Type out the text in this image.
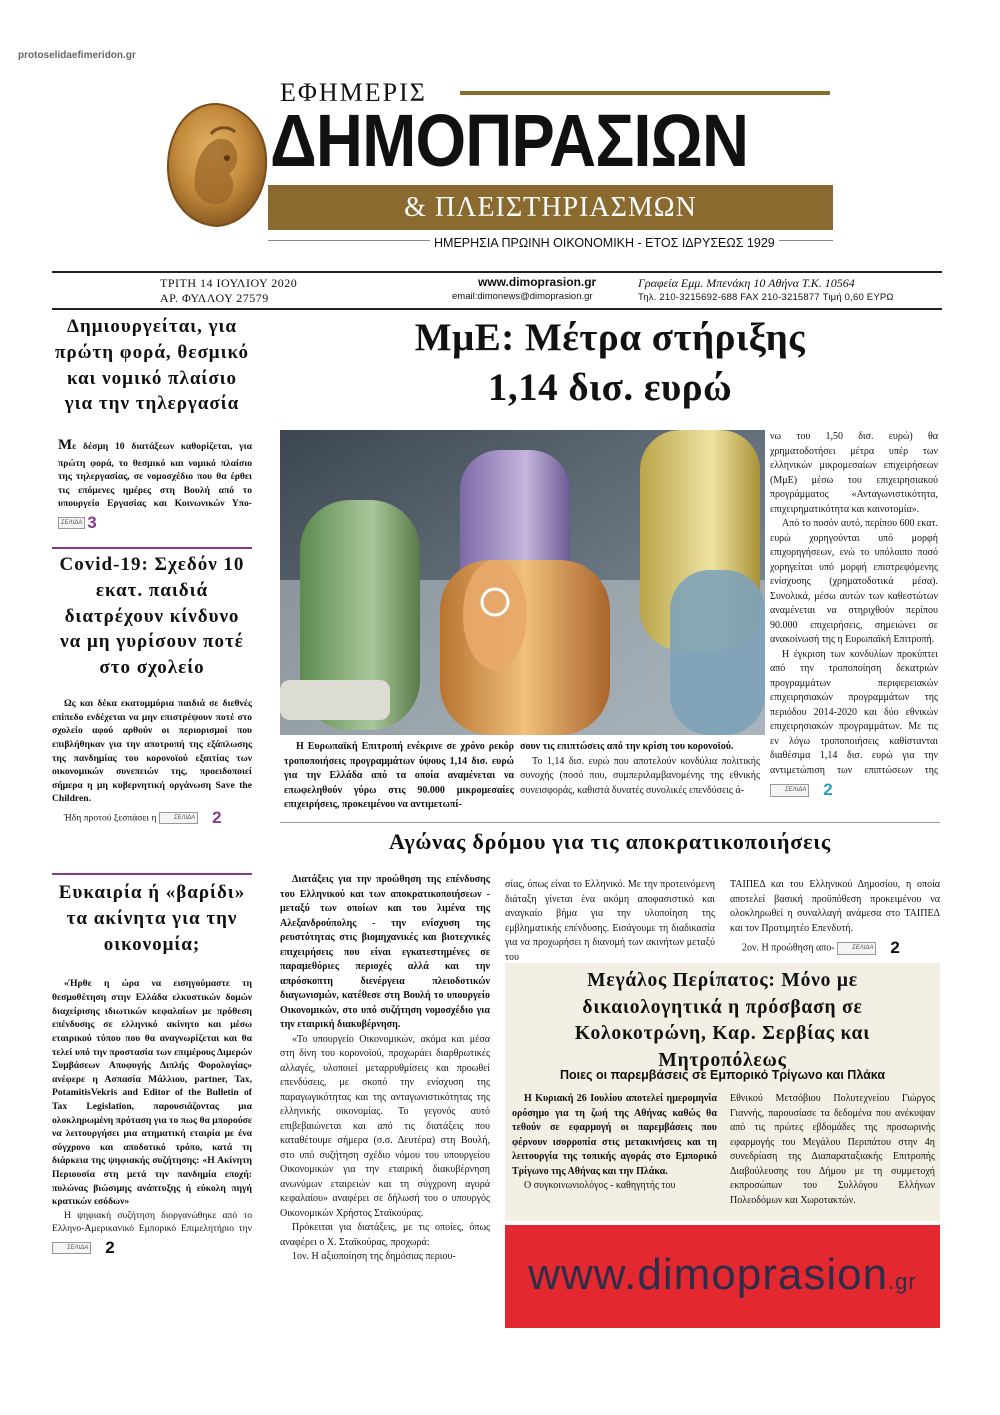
protoselidaefimeridon.gr
ΕΦΗΜΕΡΙΣ
ΔΗΜΟΠΡΑΣΙΩΝ
& ΠΛΕΙΣΤΗΡΙΑΣΜΩΝ
ΗΜΕΡΗΣΙΑ ΠΡΩΙΝΗ ΟΙΚΟΝΟΜΙΚΗ - ΕΤΟΣ ΙΔΡΥΣΕΩΣ 1929
ΤΡΙΤΗ 14 ΙΟΥΛΙΟΥ 2020
ΑΡ. ΦΥΛΛΟΥ 27579
www.dimoprasion.gr
email:dimonews@dimoprasion.gr
Γραφεία Εμμ. Μπενάκη 10 Αθήνα Τ.Κ. 10564
Τηλ. 210-3215692-688 FAX 210-3215877 Τιμή 0,60 ΕΥΡΩ
Δημιουργείται, για πρώτη φορά, θεσμικό και νομικό πλαίσιο για την τηλεργασία
Με δέσμη 10 διατάξεων καθορίζεται, για πρώτη φορά, το θεσμικό και νομικό πλαίσιο της τηλεργασίας, σε νομοσχέδιο που θα έρθει τις επόμενες ημέρες στη Βουλή από το υπουργείο Εργασίας και Κοινωνικών Υπο-
ΣΕΛΙΔΑ 3
Covid-19: Σχεδόν 10 εκατ. παιδιά διατρέχουν κίνδυνο να μη γυρίσουν ποτέ στο σχολείο

Ως και δέκα εκατομμύρια παιδιά σε διεθνές επίπεδο ενδέχεται να μην επιστρέψουν ποτέ στο σχολείο αφού αρθούν οι περιορισμοί που επιβλήθηκαν για την αποτροπή της εξάπλωσης της πανδημίας του κορονοϊού εξαιτίας των οικονομικών συνεπειών της, προειδοποιεί σήμερα η μη κυβερνητική οργάνωση Save the Children.

Ήδη προτού ξεσπάσει η	ΣΕΛΙΔΑ	2

Ευκαιρία ή «βαρίδι» τα ακίνητα για την οικονομία;

«Ήρθε η ώρα να εισηγούμαστε τη θεσμοθέτηση στην Ελλάδα ελκυστικών δομών διαχείρισης ιδιωτικών κεφαλαίων με πρόθεση επένδυσης σε ελληνικό ακίνητο και μέσω εταιρικού τύπου που θα αναγνωρίζεται και θα τελεί υπό την προστασία των επιμέρους Διμερών Συμβάσεων Αποφυγής Διπλής Φορολογίας» ανέφερε η Ασπασία Μάλλιου, partner, Tax, PotamitisVekris and Editor of the Bulletin of Tax Legislation, παρουσιάζοντας μια ολοκληρωμένη πρόταση για το πως θα μπορούσε να λειτουργήσει μια ατηματική εταιρία με ένα σύγχρονο και αποδοτικό τρόπο, κατά τη διάρκεια της ψηφιακής συζήτησης: «Η Ακίνητη Περιουσία στη μετά την πανδημία εποχή: πυλώνας βιώσιμης ανάπτυξης ή εύκολη πηγή κρατικών εσόδων»

Η ψηφιακή συζήτηση διοργανώθηκε από το Ελληνο-Αμερικανικό Εμπορικό Επιμελητήριο την
ΣΕΛΙΔΑ	2

ΜμΕ: Μέτρα στήριξης
1,14 δισ. ευρώ

Η Ευρωπαϊκή Επιτροπή ενέκρινε σε χρόνο ρεκόρ τροποποιήσεις προγραμμάτων ύψους 1,14 δισ. ευρώ για την Ελλάδα από τα οποία αναμένεται να επωφεληθούν γύρω στις 90.000 μικρομεσαίες επιχειρήσεις, προκειμένου να αντιμετωπί-

σουν τις επιπτώσεις από την κρίση του κορονοϊού.

Το 1,14 δισ. ευρώ που αποτελούν κονδύλια πολιτικής συνοχής (ποσό που, συμπεριλαμβανομένης της εθνικής συνεισφοράς, καθιστά δυνατές συνολικές επενδύσεις ά-

νω του 1,50 δισ. ευρώ) θα χρηματοδοτήσει μέτρα υπέρ των ελληνικών μικρομεσαίων επιχειρήσεων (ΜμΕ) μέσω του επιχειρησιακού προγράμματος «Ανταγωνιστικότητα, επιχειρηματικότητα και καινοτομία».

Από το ποσόν αυτό, περίπου 600 εκατ. ευρώ χορηγούνται υπό μορφή επιχορηγήσεων, ενώ το υπόλοιπο ποσό χορηγείται υπό μορφή επιστρεφόμενης ενίσχυσης (χρηματοδοτικά μέσα). Συνολικά, μέσω αυτών των καθεστώτων αναμένεται να στηριχθούν περίπου 90.000 επιχειρήσεις, σημειώνει σε ανακοίνωσή της η Ευρωπαϊκή Επιτροπή.

Η έγκριση των κονδυλίων προκύπτει από την τροποποίηση δεκατριών προγραμμάτων περιφερειακών επιχειρησιακών προγραμμάτων της περιόδου 2014-2020 και δύο εθνικών επιχειρησιακών προγραμμάτων. Με τις εν λόγω τροποποιήσεις καθίστανται διαθέσιμα 1,14 δισ. ευρώ για την αντιμετώπιση των επιπτώσεων της
ΣΕΛΙΔΑ	2

Αγώνας δρόμου για τις αποκρατικοποιήσεις

Διατάξεις για την προώθηση της επένδυσης του Ελληνικού και των αποκρατικοποιήσεων - μεταξύ των οποίων και του λιμένα της Αλεξανδρούπολης - την ενίσχυση της ρευστότητας στις βιομηχανικές και βιοτεχνικές επιχειρήσεις που είναι εγκατεστημένες σε παραμεθόριες περιοχές αλλά και την απρόσκοπτη διενέργεια πλειοδοτικών διαγωνισμών, κατέθεσε στη Βουλή το υπουργείο Οικονομικών, στο υπό συζήτηση νομοσχέδιο για την εταιρική διακυβέρνηση.

«Το υπουργείο Οικονομικών, ακόμα και μέσα στη δίνη του κορονοϊού, προχωράει διαρθρωτικές αλλαγές, υλοποιεί μεταρρυθμίσεις και προωθεί επενδύσεις, με σκοπό την ενίσχυση της παραγωγικότητας και της ανταγωνιστικότητας της ελληνικής οικονομίας. Το γεγονός αυτό επιβεβαιώνεται και από τις διατάξεις που καταθέτουμε σήμερα (σ.σ. Δευτέρα) στη Βουλή, στο υπό συζήτηση σχέδιο νόμου του υπουργείου Οικονομικών για την εταιρική διακυβέρνηση ανωνύμων εταιρειών και τη σύγχρονη αγορά κεφαλαίου» αναφέρει σε δήλωσή του ο υπουργός Οικονομικών Χρήστος Σταϊκούρας.

Πρόκειται για διατάξεις, με τις οποίες, όπως αναφέρει ο Χ. Σταϊκούρας, προχωρά:

1ον. Η αξιοποίηση της δημόσιας περιου-

σίας, όπως είναι το Ελληνικό. Με την προτεινόμενη διάταξη γίνεται ένα ακόμη αποφασιστικό και αναγκαίο βήμα για την υλοποίηση της εμβληματικής επένδυσης. Εισάγουμε τη διαδικασία για να προχωρήσει η διανομή των ακινήτων μεταξύ του

ΤΑΙΠΕΔ και του Ελληνικού Δημοσίου, η οποία αποτελεί βασική προϋπόθεση προκειμένου να ολοκληρωθεί η συναλλαγή ανάμεσα στο ΤΑΙΠΕΔ και τον Προτιμητέο Επενδυτή.

2ον. Η προώθηση απο-	ΣΕΛΙΔΑ	2

Μεγάλος Περίπατος: Μόνο με δικαιολογητικά η πρόσβαση σε Κολοκοτρώνη, Καρ. Σερβίας και Μητροπόλεως
Ποιες οι παρεμβάσεις σε Εμπορικό Τρίγωνο και Πλάκα

Η Κυριακή 26 Ιουλίου αποτελεί ημερομηνία ορόσημο για τη ζωή της Αθήνας καθώς θα τεθούν σε εφαρμογή οι παρεμβάσεις που φέρνουν ισορροπία στις μετακινήσεις και τη λειτουργία της τοπικής αγοράς στο Εμπορικό Τρίγωνο της Αθήνας και την Πλάκα.

Ο συγκοινωνιολόγος - καθηγητής του

Εθνικού Μετσόβιου Πολυτεχνείου Γιώργος Γιαννής, παρουσίασε τα δεδομένα που ανέκυψαν από τις πρώτες εβδομάδες της προσωρινής εφαρμογής του Μεγάλου Περιπάτου στην 4η συνεδρίαση της Διαπαραταξιακής Επιτροπής Διαβούλευσης του Δήμου με τη συμμετοχή εκπροσώπων του Συλλόγου Ελλήνων Πολεοδόμων και Χωροτακτών.

www.dimoprasion.gr
